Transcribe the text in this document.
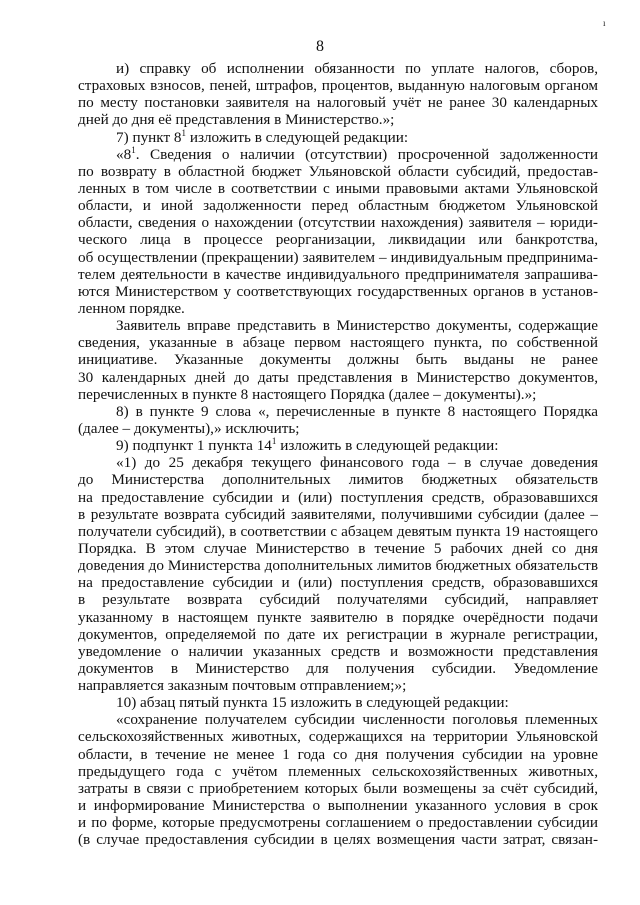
ı
8
и) справку об исполнении обязанности по уплате налогов, сборов,
страховых взносов, пеней, штрафов, процентов, выданную налоговым органом
по месту постановки заявителя на налоговый учёт не ранее 30 календарных
дней до дня её представления в Министерство.»;
7) пункт $8^1$ изложить в следующей редакции:
«$8^1$. Сведения о наличии (отсутствии) просроченной задолженности
по возврату в областной бюджет Ульяновской области субсидий, предостав-
ленных в том числе в соответствии с иными правовыми актами Ульяновской
области, и иной задолженности перед областным бюджетом Ульяновской
области, сведения о нахождении (отсутствии нахождения) заявителя – юриди-
ческого лица в процессе реорганизации, ликвидации или банкротства,
об осуществлении (прекращении) заявителем – индивидуальным предпринима-
телем деятельности в качестве индивидуального предпринимателя запрашива-
ются Министерством у соответствующих государственных органов в установ-
ленном порядке.
Заявитель вправе представить в Министерство документы, содержащие
сведения, указанные в абзаце первом настоящего пункта, по собственной
инициативе. Указанные документы должны быть выданы не ранее
30 календарных дней до даты представления в Министерство документов,
перечисленных в пункте 8 настоящего Порядка (далее – документы).»;
8) в пункте 9 слова «, перечисленные в пункте 8 настоящего Порядка
(далее – документы),» исключить;
9) подпункт 1 пункта $14^1$ изложить в следующей редакции:
«1) до 25 декабря текущего финансового года – в случае доведения
до Министерства дополнительных лимитов бюджетных обязательств
на предоставление субсидии и (или) поступления средств, образовавшихся
в результате возврата субсидий заявителями, получившими субсидии (далее –
получатели субсидий), в соответствии с абзацем девятым пункта 19 настоящего
Порядка. В этом случае Министерство в течение 5 рабочих дней со дня
доведения до Министерства дополнительных лимитов бюджетных обязательств
на предоставление субсидии и (или) поступления средств, образовавшихся
в результате возврата субсидий получателями субсидий, направляет
указанному в настоящем пункте заявителю в порядке очерёдности подачи
документов, определяемой по дате их регистрации в журнале регистрации,
уведомление о наличии указанных средств и возможности представления
документов в Министерство для получения субсидии. Уведомление
направляется заказным почтовым отправлением;»;
10) абзац пятый пункта 15 изложить в следующей редакции:
«сохранение получателем субсидии численности поголовья племенных
сельскохозяйственных животных, содержащихся на территории Ульяновской
области, в течение не менее 1 года со дня получения субсидии на уровне
предыдущего года с учётом племенных сельскохозяйственных животных,
затраты в связи с приобретением которых были возмещены за счёт субсидий,
и информирование Министерства о выполнении указанного условия в срок
и по форме, которые предусмотрены соглашением о предоставлении субсидии
(в случае предоставления субсидии в целях возмещения части затрат, связан-
